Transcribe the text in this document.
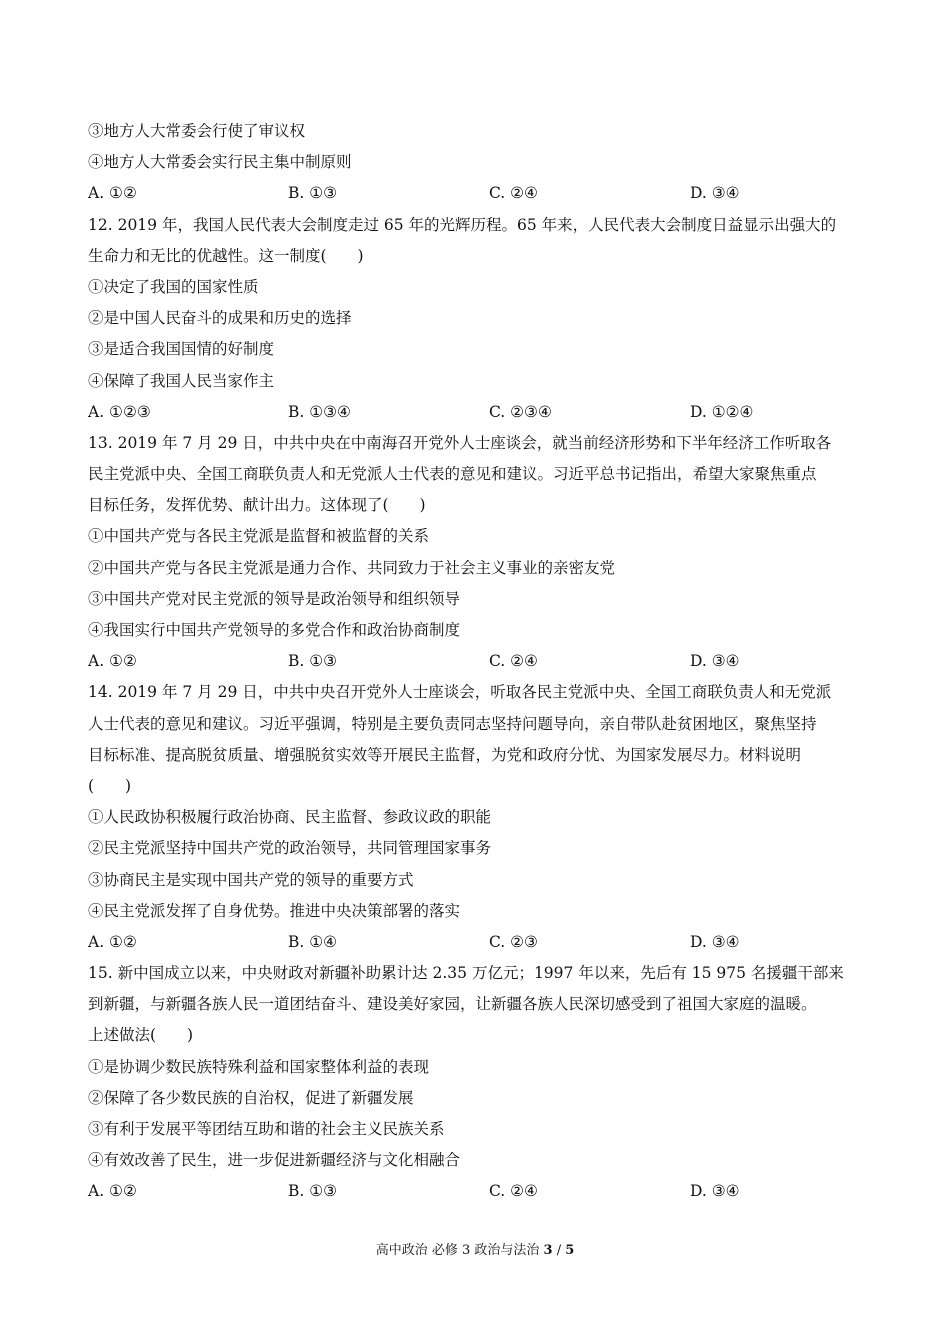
③地方人大常委会行使了审议权
④地方人大常委会实行民主集中制原则
A. ①②	B. ①③	C. ②④	D. ③④
12. 2019 年，我国人民代表大会制度走过 65 年的光辉历程。65 年来，人民代表大会制度日益显示出强大的
生命力和无比的优越性。这一制度(　　)
①决定了我国的国家性质
②是中国人民奋斗的成果和历史的选择
③是适合我国国情的好制度
④保障了我国人民当家作主
A. ①②③	B. ①③④	C. ②③④	D. ①②④
13. 2019 年 7 月 29 日，中共中央在中南海召开党外人士座谈会，就当前经济形势和下半年经济工作听取各
民主党派中央、全国工商联负责人和无党派人士代表的意见和建议。习近平总书记指出，希望大家聚焦重点
目标任务，发挥优势、献计出力。这体现了(　　)
①中国共产党与各民主党派是监督和被监督的关系
②中国共产党与各民主党派是通力合作、共同致力于社会主义事业的亲密友党
③中国共产党对民主党派的领导是政治领导和组织领导
④我国实行中国共产党领导的多党合作和政治协商制度
A. ①②	B. ①③	C. ②④	D. ③④
14. 2019 年 7 月 29 日，中共中央召开党外人士座谈会，听取各民主党派中央、全国工商联负责人和无党派
人士代表的意见和建议。习近平强调，特别是主要负责同志坚持问题导向，亲自带队赴贫困地区，聚焦坚持
目标标准、提高脱贫质量、增强脱贫实效等开展民主监督，为党和政府分忧、为国家发展尽力。材料说明
(　　)
①人民政协积极履行政治协商、民主监督、参政议政的职能
②民主党派坚持中国共产党的政治领导，共同管理国家事务
③协商民主是实现中国共产党的领导的重要方式
④民主党派发挥了自身优势。推进中央决策部署的落实
A. ①②	B. ①④	C. ②③	D. ③④
15. 新中国成立以来，中央财政对新疆补助累计达 2.35 万亿元；1997 年以来，先后有 15 975 名援疆干部来
到新疆，与新疆各族人民一道团结奋斗、建设美好家园，让新疆各族人民深切感受到了祖国大家庭的温暖。
上述做法(　　)
①是协调少数民族特殊利益和国家整体利益的表现
②保障了各少数民族的自治权，促进了新疆发展
③有利于发展平等团结互助和谐的社会主义民族关系
④有效改善了民生，进一步促进新疆经济与文化相融合
A. ①②	B. ①③	C. ②④	D. ③④
高中政治 必修 3 政治与法治 3 / 5
